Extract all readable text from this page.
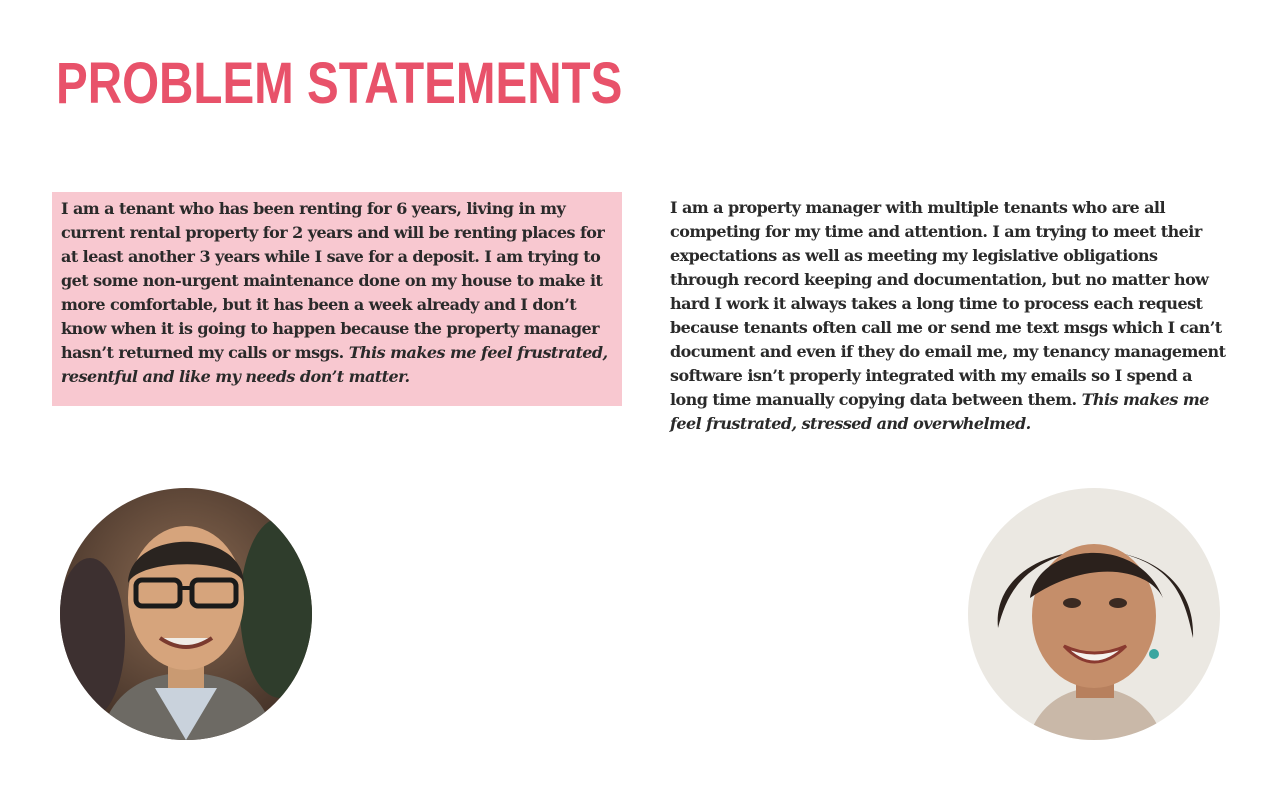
PROBLEM STATEMENTS

I am a tenant who has been renting for 6 years, living in my current rental property for 2 years and will be renting places for at least another 3 years while I save for a deposit. I am trying to get some non-urgent maintenance done on my house to make it more comfortable, but it has been a week already and I don’t know when it is going to happen because the property manager hasn’t returned my calls or msgs. This makes me feel frustrated, resentful and like my needs don’t matter.

I am a property manager with multiple tenants who are all competing for my time and attention. I am trying to meet their expectations as well as meeting my legislative obligations through record keeping and documentation, but no matter how hard I work it always takes a long time to process each request because tenants often call me or send me text msgs which I can’t document and even if they do email me, my tenancy management software isn’t properly integrated with my emails so I spend a long time manually copying data between them. This makes me feel frustrated, stressed and overwhelmed.
